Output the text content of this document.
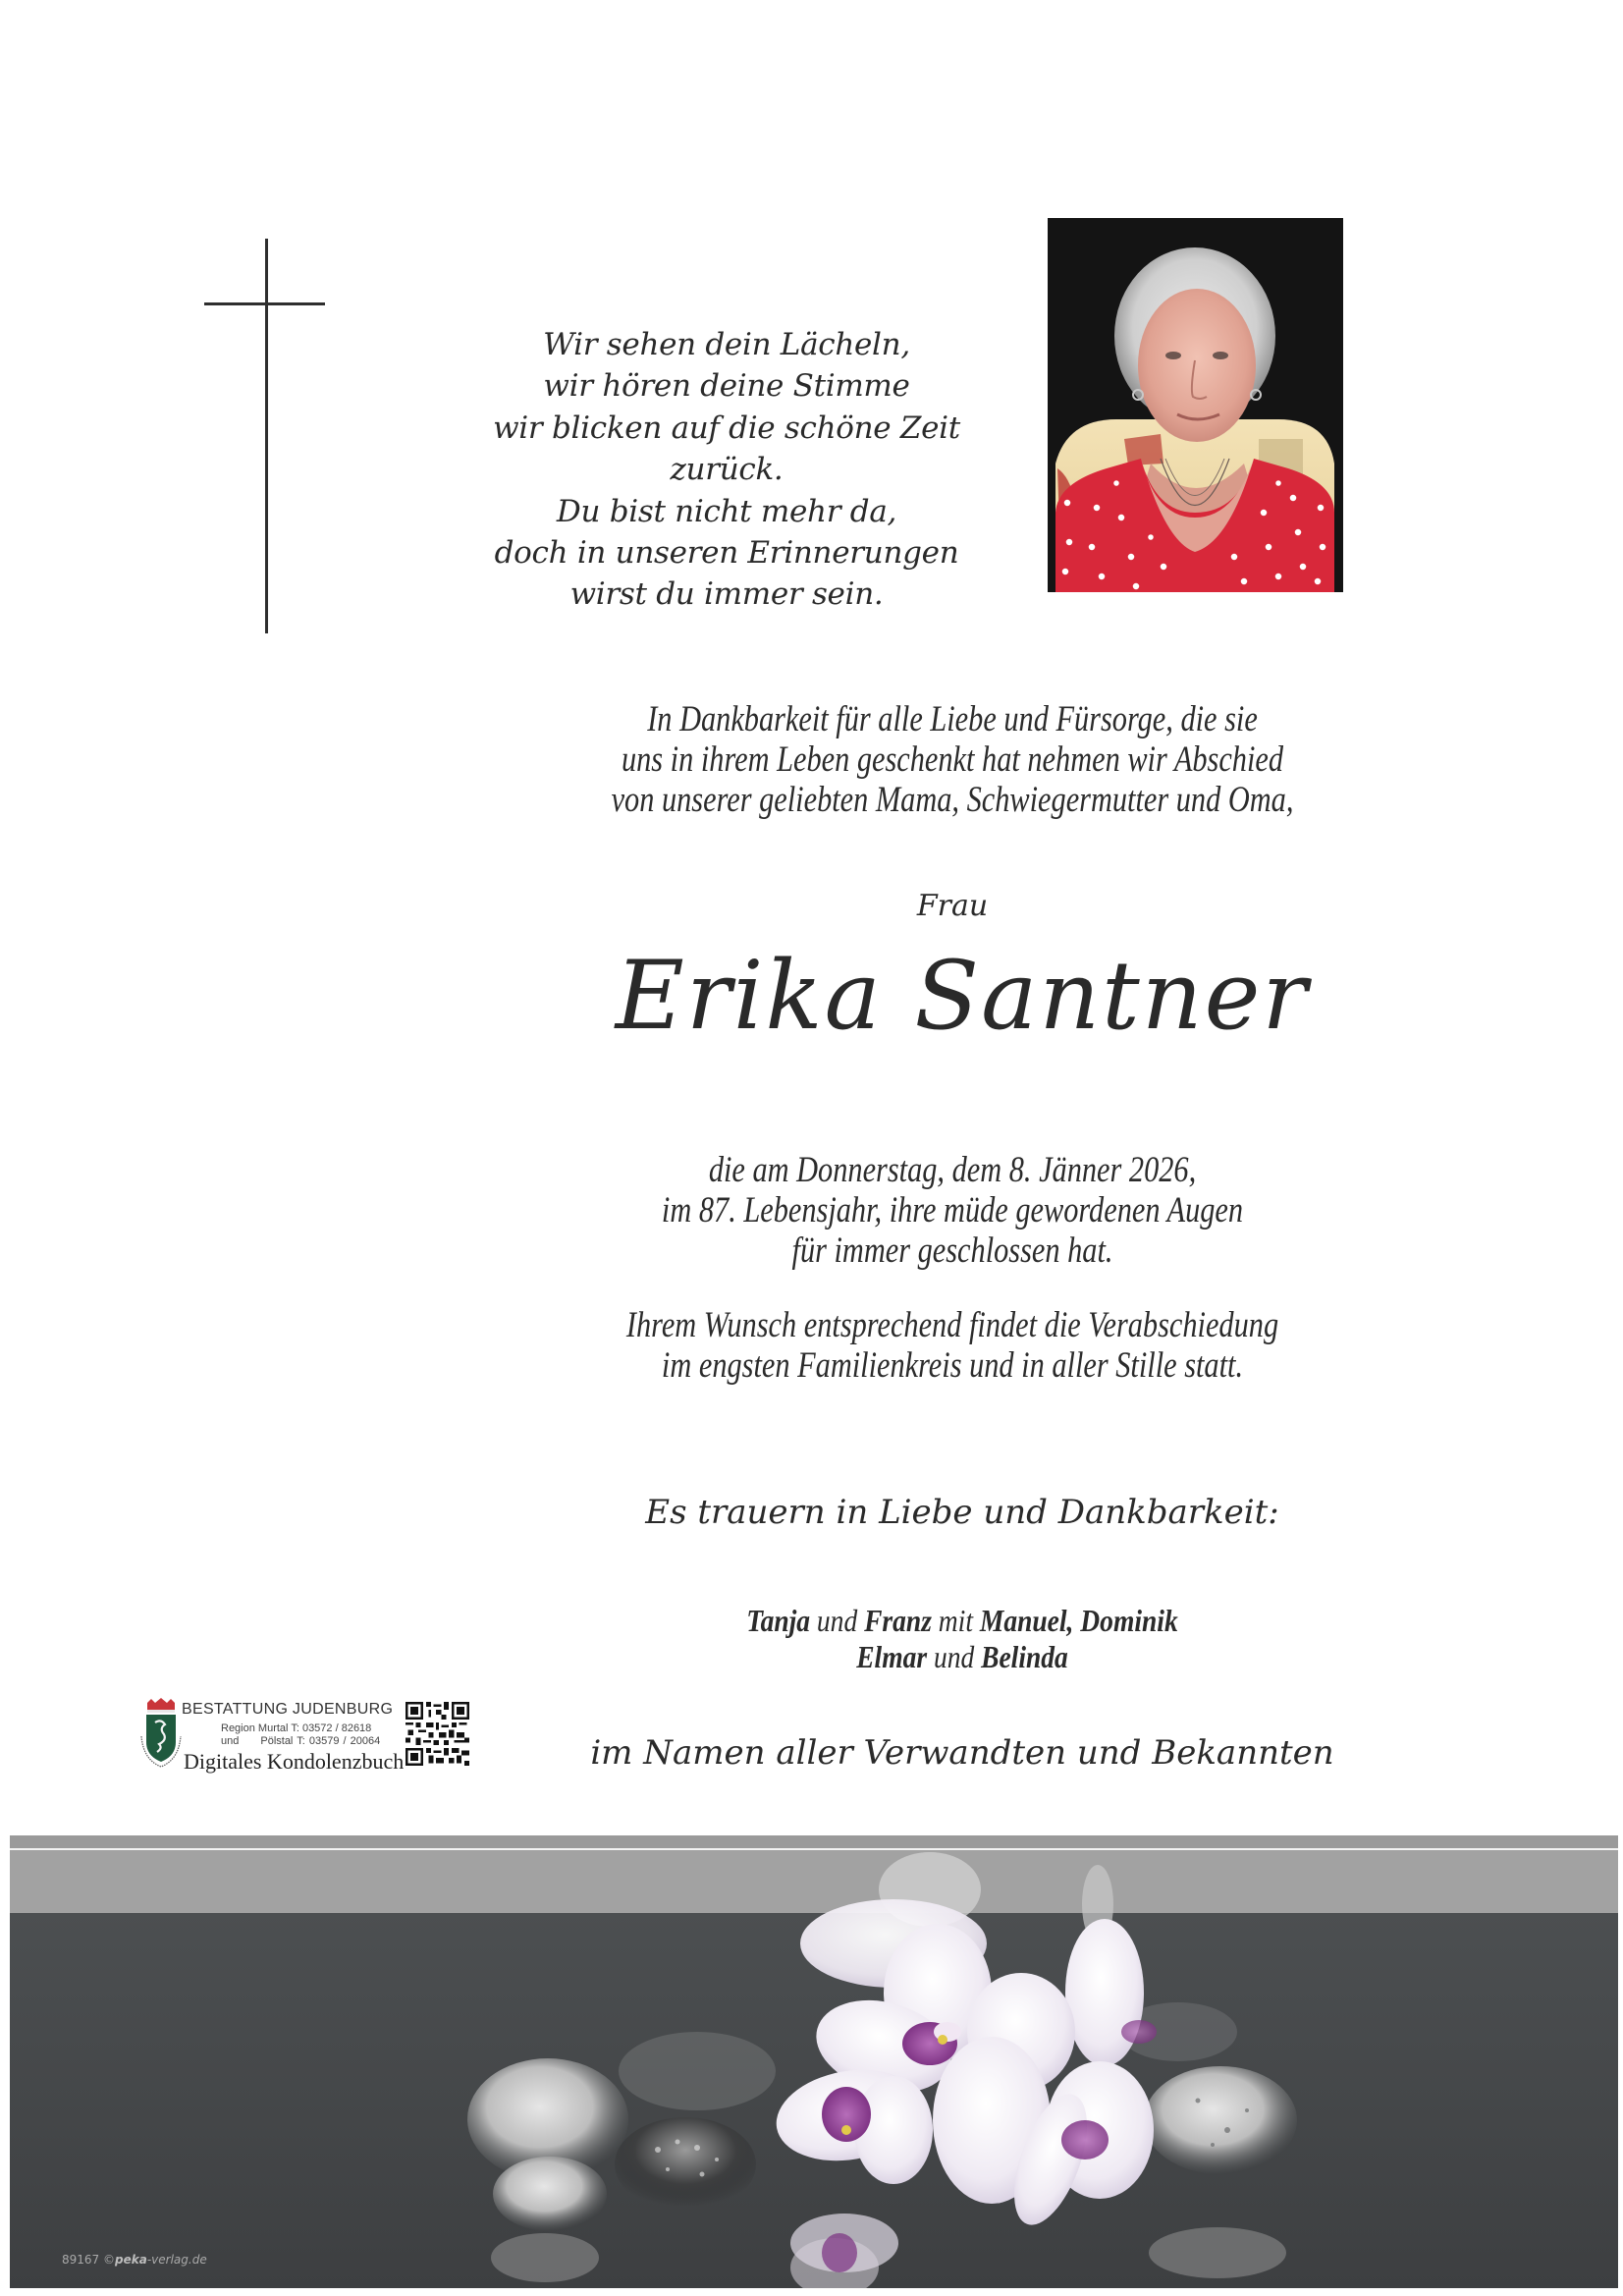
Wir sehen dein Lächeln,
wir hören deine Stimme
wir blicken auf die schöne Zeit zurück.
Du bist nicht mehr da,
doch in unseren Erinnerungen
wirst du immer sein.
In Dankbarkeit für alle Liebe und Fürsorge, die sie
uns in ihrem Leben geschenkt hat nehmen wir Abschied
von unserer geliebten Mama, Schwiegermutter und Oma,
Frau
Erika Santner
die am Donnerstag, dem 8. Jänner 2026,
im 87. Lebensjahr, ihre müde gewordenen Augen
für immer geschlossen hat.
Ihrem Wunsch entsprechend findet die Verabschiedung
im engsten Familienkreis und in aller Stille statt.
Es trauern in Liebe und Dankbarkeit:
Tanja und Franz mit Manuel, Dominik
Elmar und Belinda
im Namen aller Verwandten und Bekannten
BESTATTUNG JUDENBURG
Region Murtal T: 03572 / 82618
und Pölstal T: 03579 / 20064
Digitales Kondolenzbuch
89167 ©peka-verlag.de
